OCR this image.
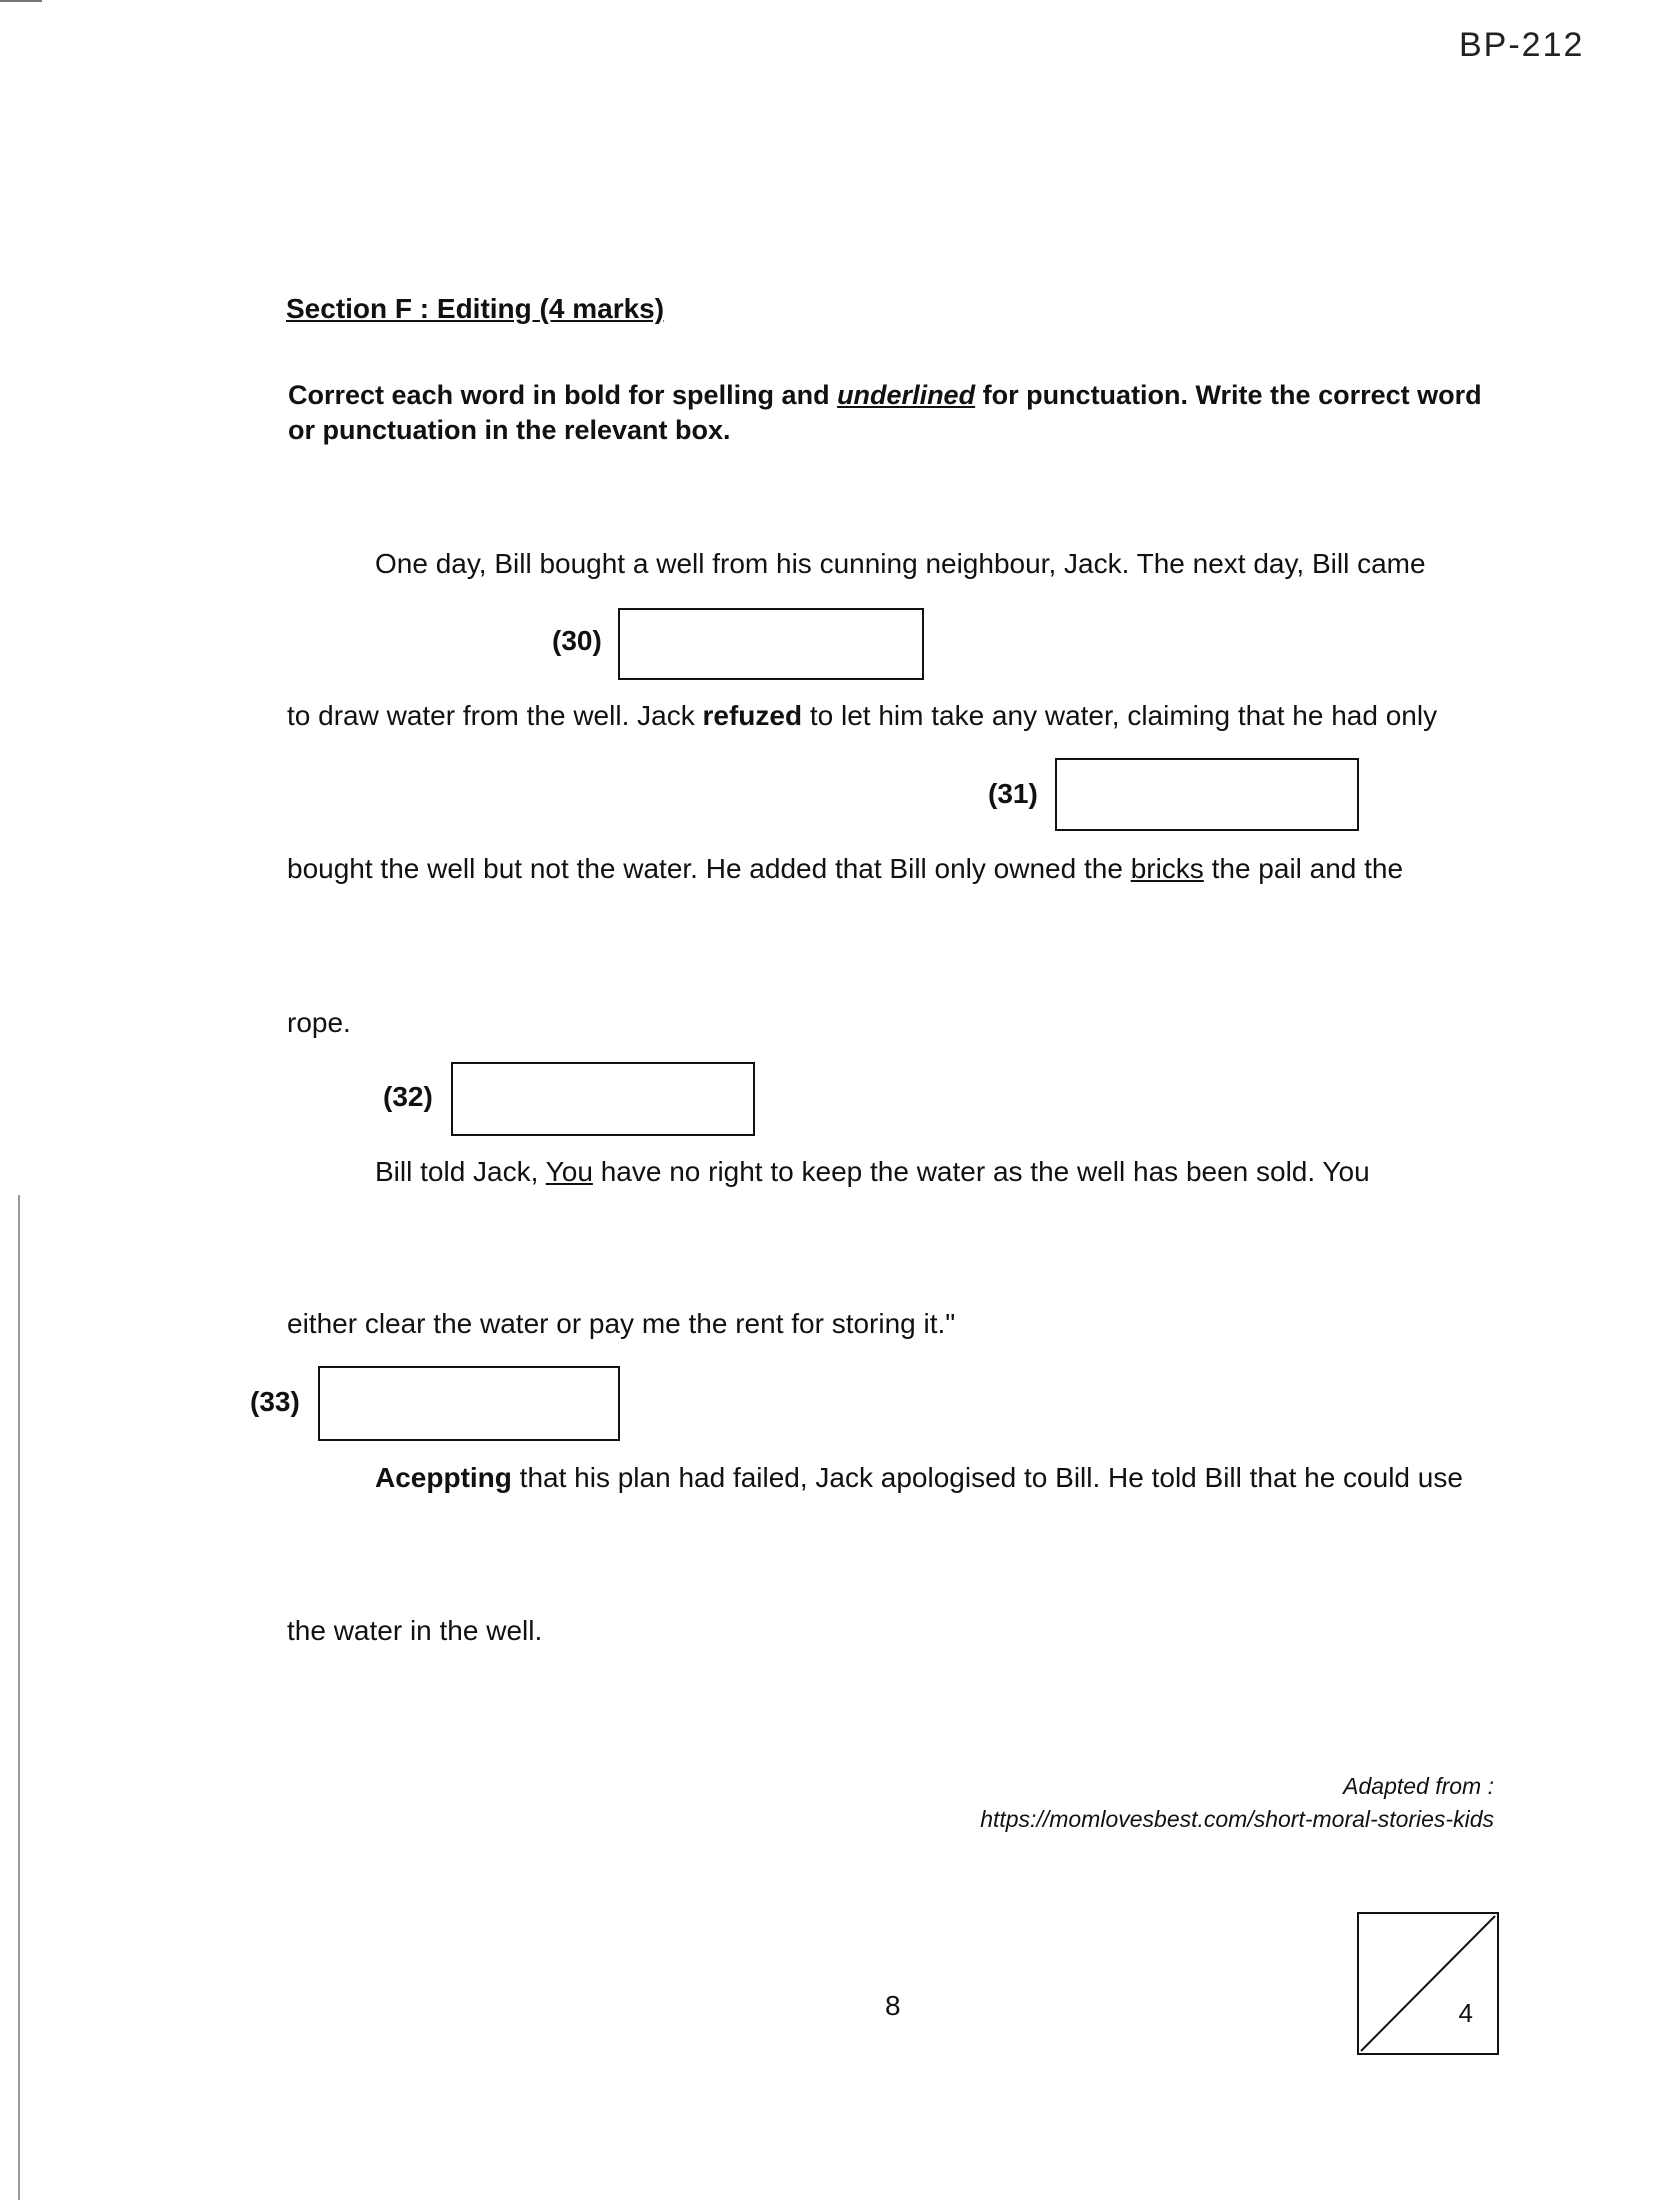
BP-212
Section F : Editing (4 marks)
Correct each word in bold for spelling and underlined for punctuation. Write the correct word or punctuation in the relevant box.
One day, Bill bought a well from his cunning neighbour, Jack. The next day, Bill came
(30)
to draw water from the well. Jack refuzed to let him take any water, claiming that he had only
(31)
bought the well but not the water. He added that Bill only owned the bricks the pail and the
rope.
(32)
Bill told Jack, You have no right to keep the water as the well has been sold. You
either clear the water or pay me the rent for storing it."
(33)
Aceppting that his plan had failed, Jack apologised to Bill. He told Bill that he could use
the water in the well.
Adapted from :
https://momlovesbest.com/short-moral-stories-kids
8	4
